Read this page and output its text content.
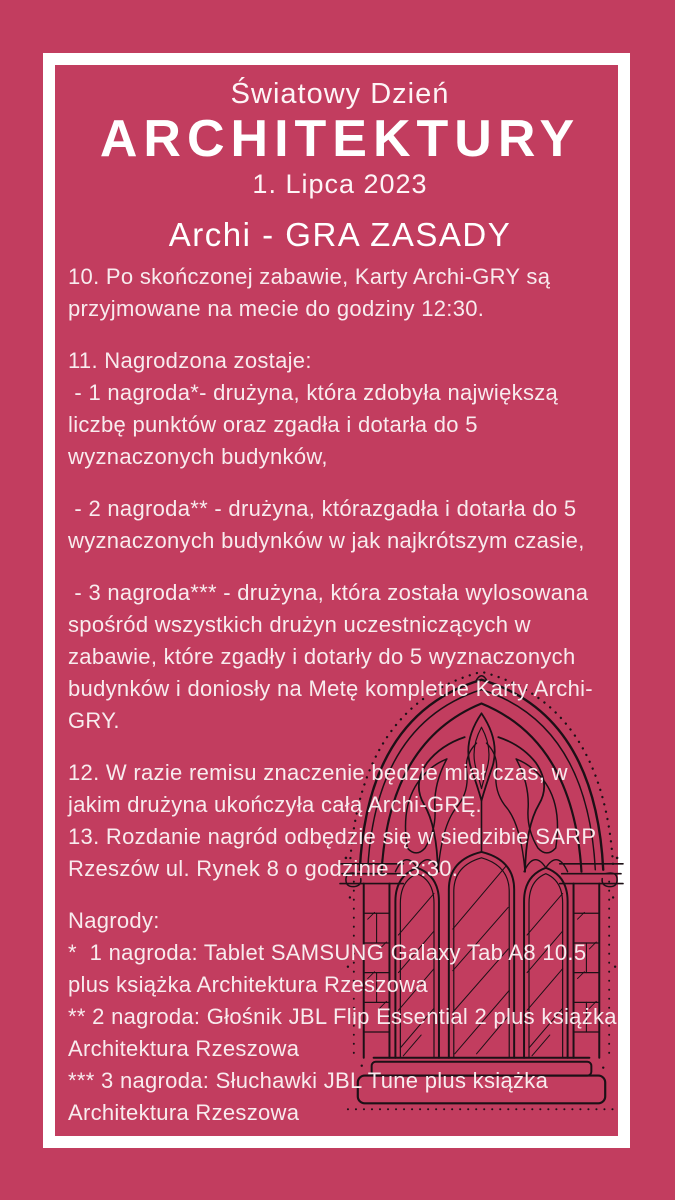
Światowy Dzień
ARCHITEKTURY
1. Lipca 2023
Archi - GRA ZASADY

10. Po skończonej zabawie, Karty Archi-GRY są
przyjmowane na mecie do godziny 12:30.

11. Nagrodzona zostaje:
- 1 nagroda*- drużyna, która zdobyła największą
liczbę punktów oraz zgadła i dotarła do 5
wyznaczonych budynków,

- 2 nagroda** - drużyna, którazgadła i dotarła do 5
wyznaczonych budynków w jak najkrótszym czasie,

- 3 nagroda*** - drużyna, która została wylosowana
spośród wszystkich drużyn uczestniczących w
zabawie, które zgadły i dotarły do 5 wyznaczonych
budynków i doniosły na Metę kompletne Karty Archi-
GRY.

12. W razie remisu znaczenie będzie miał czas, w
jakim drużyna ukończyła całą Archi-GRĘ.
13. Rozdanie nagród odbędzie się w siedzibie SARP
Rzeszów ul. Rynek 8 o godzinie 13:30.

Nagrody:
*  1 nagroda: Tablet SAMSUNG Galaxy Tab A8 10.5
plus książka Architektura Rzeszowa
** 2 nagroda: Głośnik JBL Flip Essential 2 plus książka
Architektura Rzeszowa
*** 3 nagroda: Słuchawki JBL Tune plus książka
Architektura Rzeszowa
